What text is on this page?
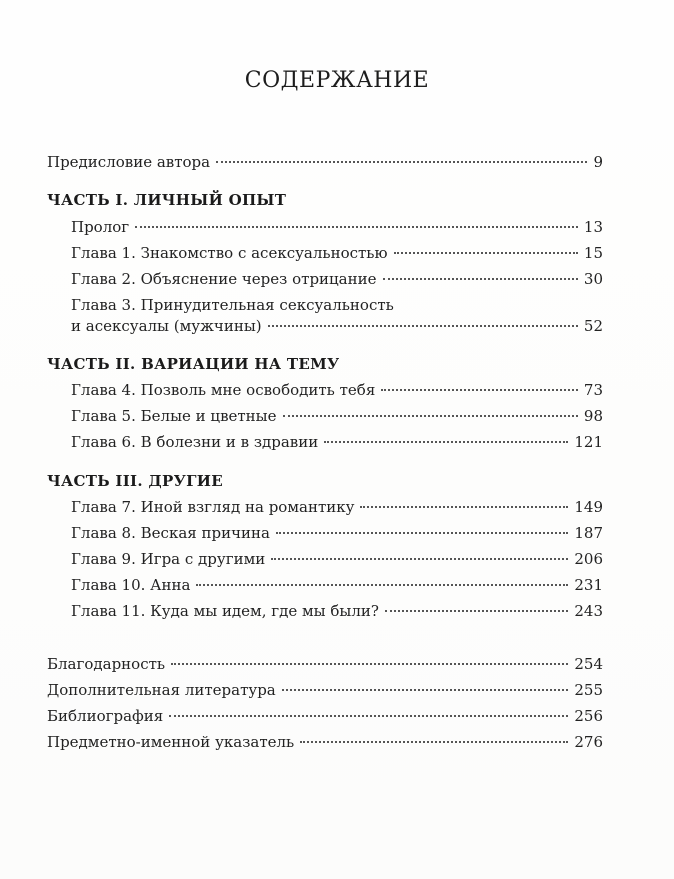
СОДЕРЖАНИЕ
Предисловие автора	9
ЧАСТЬ I. ЛИЧНЫЙ ОПЫТ
Пролог	13
Глава 1. Знакомство с асексуальностью	15
Глава 2. Объяснение через отрицание	30
Глава 3. Принудительная сексуальность
и асексуалы (мужчины)	52
ЧАСТЬ II. ВАРИАЦИИ НА ТЕМУ
Глава 4. Позволь мне освободить тебя	73
Глава 5. Белые и цветные	98
Глава 6. В болезни и в здравии	121
ЧАСТЬ III. ДРУГИЕ
Глава 7. Иной взгляд на романтику	149
Глава 8. Веская причина	187
Глава 9. Игра с другими	206
Глава 10. Анна	231
Глава 11. Куда мы идем, где мы были?	243
Благодарность	254
Дополнительная литература	255
Библиография	256
Предметно-именной указатель	276
